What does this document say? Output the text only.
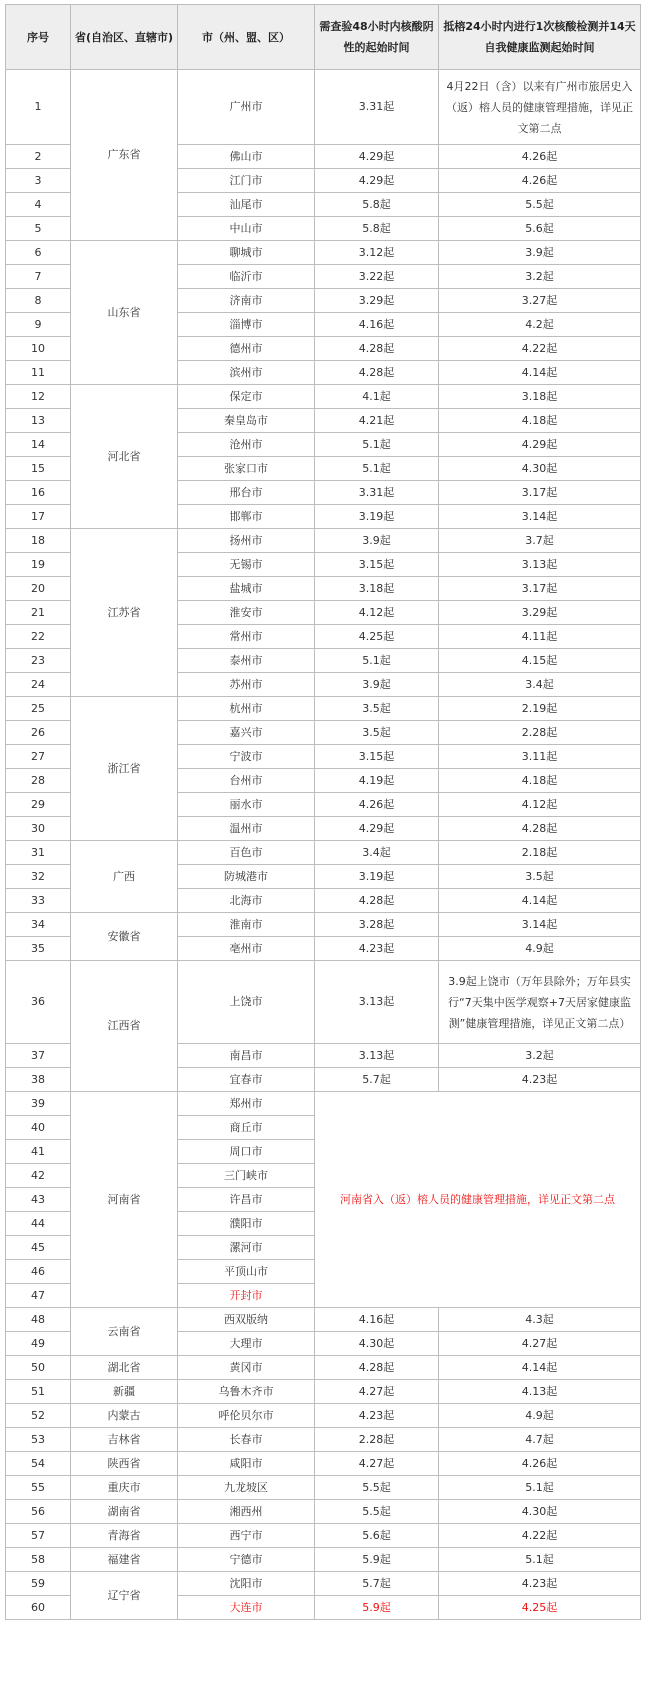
序号	省(自治区、直辖市)	市（州、盟、区）	需查验48小时内核酸阴性的起始时间	抵榕24小时内进行1次核酸检测并14天自我健康监测起始时间
1	广东省	广州市	3.31起	4月22日（含）以来有广州市旅居史入（返）榕人员的健康管理措施，详见正文第二点
2		佛山市	4.29起	4.26起
3		江门市	4.29起	4.26起
4		汕尾市	5.8起	5.5起
5		中山市	5.8起	5.6起
6	山东省	聊城市	3.12起	3.9起
7		临沂市	3.22起	3.2起
8		济南市	3.29起	3.27起
9		淄博市	4.16起	4.2起
10		德州市	4.28起	4.22起
11		滨州市	4.28起	4.14起
12	河北省	保定市	4.1起	3.18起
13		秦皇岛市	4.21起	4.18起
14		沧州市	5.1起	4.29起
15		张家口市	5.1起	4.30起
16		邢台市	3.31起	3.17起
17		邯郸市	3.19起	3.14起
18	江苏省	扬州市	3.9起	3.7起
19		无锡市	3.15起	3.13起
20		盐城市	3.18起	3.17起
21		淮安市	4.12起	3.29起
22		常州市	4.25起	4.11起
23		泰州市	5.1起	4.15起
24		苏州市	3.9起	3.4起
25	浙江省	杭州市	3.5起	2.19起
26		嘉兴市	3.5起	2.28起
27		宁波市	3.15起	3.11起
28		台州市	4.19起	4.18起
29		丽水市	4.26起	4.12起
30		温州市	4.29起	4.28起
31	广西	百色市	3.4起	2.18起
32		防城港市	3.19起	3.5起
33		北海市	4.28起	4.14起
34	安徽省	淮南市	3.28起	3.14起
35		亳州市	4.23起	4.9起
36	江西省	上饶市	3.13起	3.9起上饶市（万年县除外；万年县实行“7天集中医学观察+7天居家健康监测”健康管理措施，详见正文第二点）
37		南昌市	3.13起	3.2起
38		宜春市	5.7起	4.23起
39	河南省	郑州市	河南省入（返）榕人员的健康管理措施，详见正文第二点	
40		商丘市		
41		周口市		
42		三门峡市		
43		许昌市		
44		濮阳市		
45		漯河市		
46		平顶山市		
47		开封市		
48	云南省	西双版纳	4.16起	4.3起
49		大理市	4.30起	4.27起
50	湖北省	黄冈市	4.28起	4.14起
51	新疆	乌鲁木齐市	4.27起	4.13起
52	内蒙古	呼伦贝尔市	4.23起	4.9起
53	吉林省	长春市	2.28起	4.7起
54	陕西省	咸阳市	4.27起	4.26起
55	重庆市	九龙坡区	5.5起	5.1起
56	湖南省	湘西州	5.5起	4.30起
57	青海省	西宁市	5.6起	4.22起
58	福建省	宁德市	5.9起	5.1起
59	辽宁省	沈阳市	5.7起	4.23起
60		大连市	5.9起	4.25起
